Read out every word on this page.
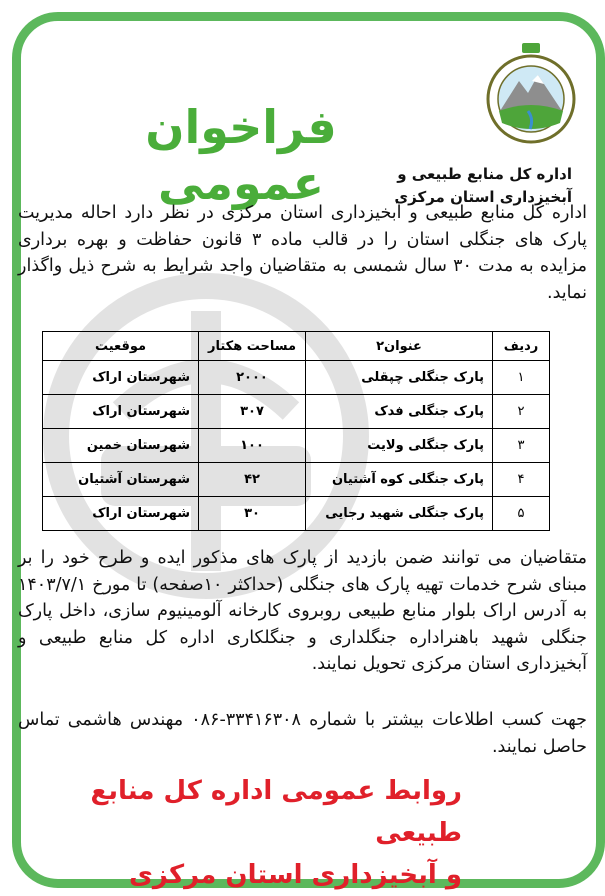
فراخوان عمومی	اداره کل منابع طبیعی و
آبخیزداری استان مرکزی
اداره کل منابع طبیعی و آبخیزداری استان مرکزی در نظر دارد احاله مدیریت پارک های جنگلی استان را در قالب ماده ۳ قانون حفاظت و بهره برداری مزایده به مدت ۳۰ سال شمسی به متقاضیان واجد شرایط به شرح ذیل واگذار نماید.
ردیف	عنوان۲	مساحت هکتار	موقعیت
۱	پارک جنگلی چپقلی	۲۰۰۰	شهرستان اراک
۲	پارک جنگلی فدک	۳۰۷	شهرستان اراک
۳	پارک جنگلی ولایت	۱۰۰	شهرستان خمین
۴	پارک جنگلی کوه آشتیان	۴۲	شهرستان آشتیان
۵	پارک جنگلی شهید رجایی	۳۰	شهرستان اراک
متقاضیان می توانند ضمن بازدید از پارک های مذکور ایده و طرح خود را بر مبنای شرح خدمات تهیه پارک های جنگلی (حداکثر ۱۰صفحه) تا مورخ ۱۴۰۳/۷/۱ به آدرس اراک بلوار منابع طبیعی روبروی کارخانه آلومینیوم سازی، داخل پارک جنگلی شهید باهنراداره جنگلداری و جنگلکاری اداره کل منابع طبیعی و آبخیزداری استان مرکزی تحویل نمایند.
جهت کسب اطلاعات بیشتر با شماره ۳۳۴۱۶۳۰۸-۰۸۶ مهندس هاشمی تماس حاصل نمایند.
روابط عمومی اداره کل منابع طبیعی
و آبخیزداری استان مرکزی
